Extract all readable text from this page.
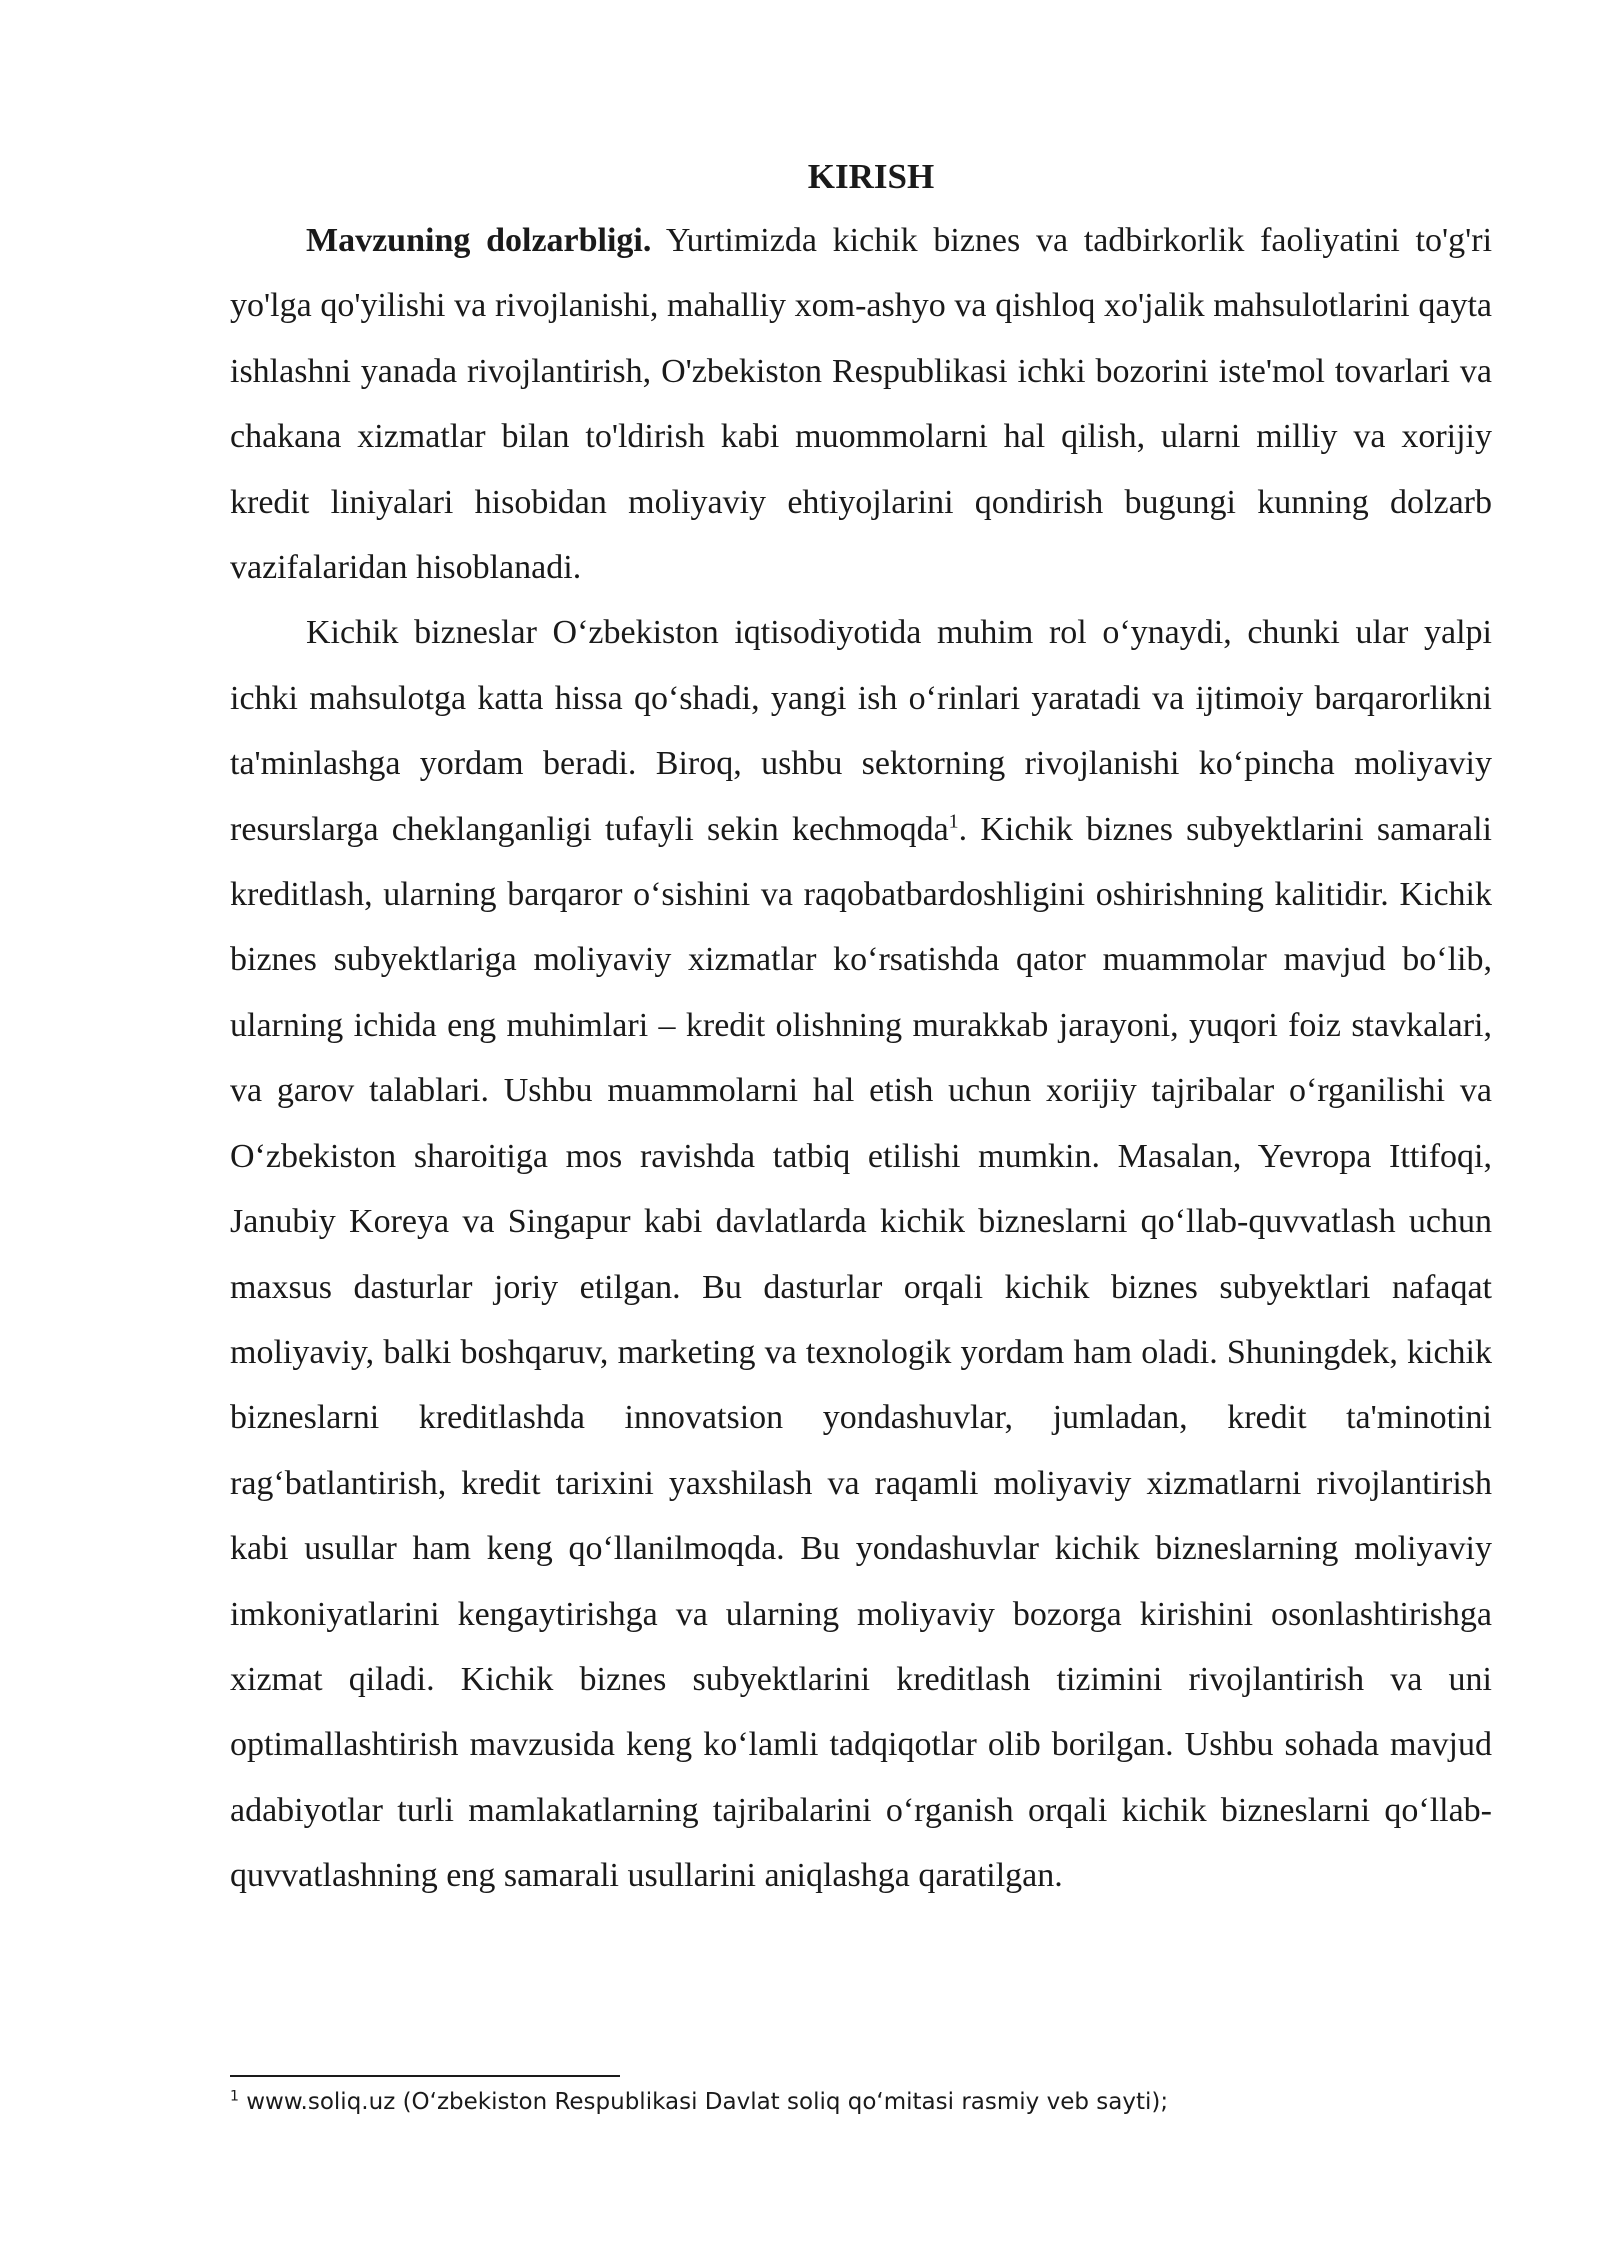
KIRISH

Mavzuning dolzarbligi. Yurtimizda kichik biznes va tadbirkorlik faoliyatini to'g'ri yo'lga qo'yilishi va rivojlanishi, mahalliy xom-ashyo va qishloq xo'jalik mahsulotlarini qayta ishlashni yanada rivojlantirish, O'zbekiston Respublikasi ichki bozorini iste'mol tovarlari va chakana xizmatlar bilan to'ldirish kabi muommolarni hal qilish, ularni milliy va xorijiy kredit liniyalari hisobidan moliyaviy ehtiyojlarini qondirish bugungi kunning dolzarb vazifalaridan hisoblanadi.

Kichik bizneslar O‘zbekiston iqtisodiyotida muhim rol o‘ynaydi, chunki ular yalpi ichki mahsulotga katta hissa qo‘shadi, yangi ish o‘rinlari yaratadi va ijtimoiy barqarorlikni ta'minlashga yordam beradi. Biroq, ushbu sektorning rivojlanishi ko‘pincha moliyaviy resurslarga cheklanganligi tufayli sekin kechmoqda$^1$. Kichik biznes subyektlarini samarali kreditlash, ularning barqaror o‘sishini va raqobatbardoshligini oshirishning kalitidir. Kichik biznes subyektlariga moliyaviy xizmatlar ko‘rsatishda qator muammolar mavjud bo‘lib, ularning ichida eng muhimlari – kredit olishning murakkab jarayoni, yuqori foiz stavkalari, va garov talablari. Ushbu muammolarni hal etish uchun xorijiy tajribalar o‘rganilishi va O‘zbekiston sharoitiga mos ravishda tatbiq etilishi mumkin. Masalan, Yevropa Ittifoqi, Janubiy Koreya va Singapur kabi davlatlarda kichik bizneslarni qo‘llab-quvvatlash uchun maxsus dasturlar joriy etilgan. Bu dasturlar orqali kichik biznes subyektlari nafaqat moliyaviy, balki boshqaruv, marketing va texnologik yordam ham oladi. Shuningdek, kichik bizneslarni kreditlashda innovatsion yondashuvlar, jumladan, kredit ta'minotini rag‘batlantirish, kredit tarixini yaxshilash va raqamli moliyaviy xizmatlarni rivojlantirish kabi usullar ham keng qo‘llanilmoqda. Bu yondashuvlar kichik bizneslarning moliyaviy imkoniyatlarini kengaytirishga va ularning moliyaviy bozorga kirishini osonlashtirishga xizmat qiladi. Kichik biznes subyektlarini kreditlash tizimini rivojlantirish va uni optimallashtirish mavzusida keng ko‘lamli tadqiqotlar olib borilgan. Ushbu sohada mavjud adabiyotlar turli mamlakatlarning tajribalarini o‘rganish orqali kichik bizneslarni qo‘llab-quvvatlashning eng samarali usullarini aniqlashga qaratilgan.

$^1$ www.soliq.uz (O‘zbekiston Respublikasi Davlat soliq qo‘mitasi rasmiy veb sayti);
